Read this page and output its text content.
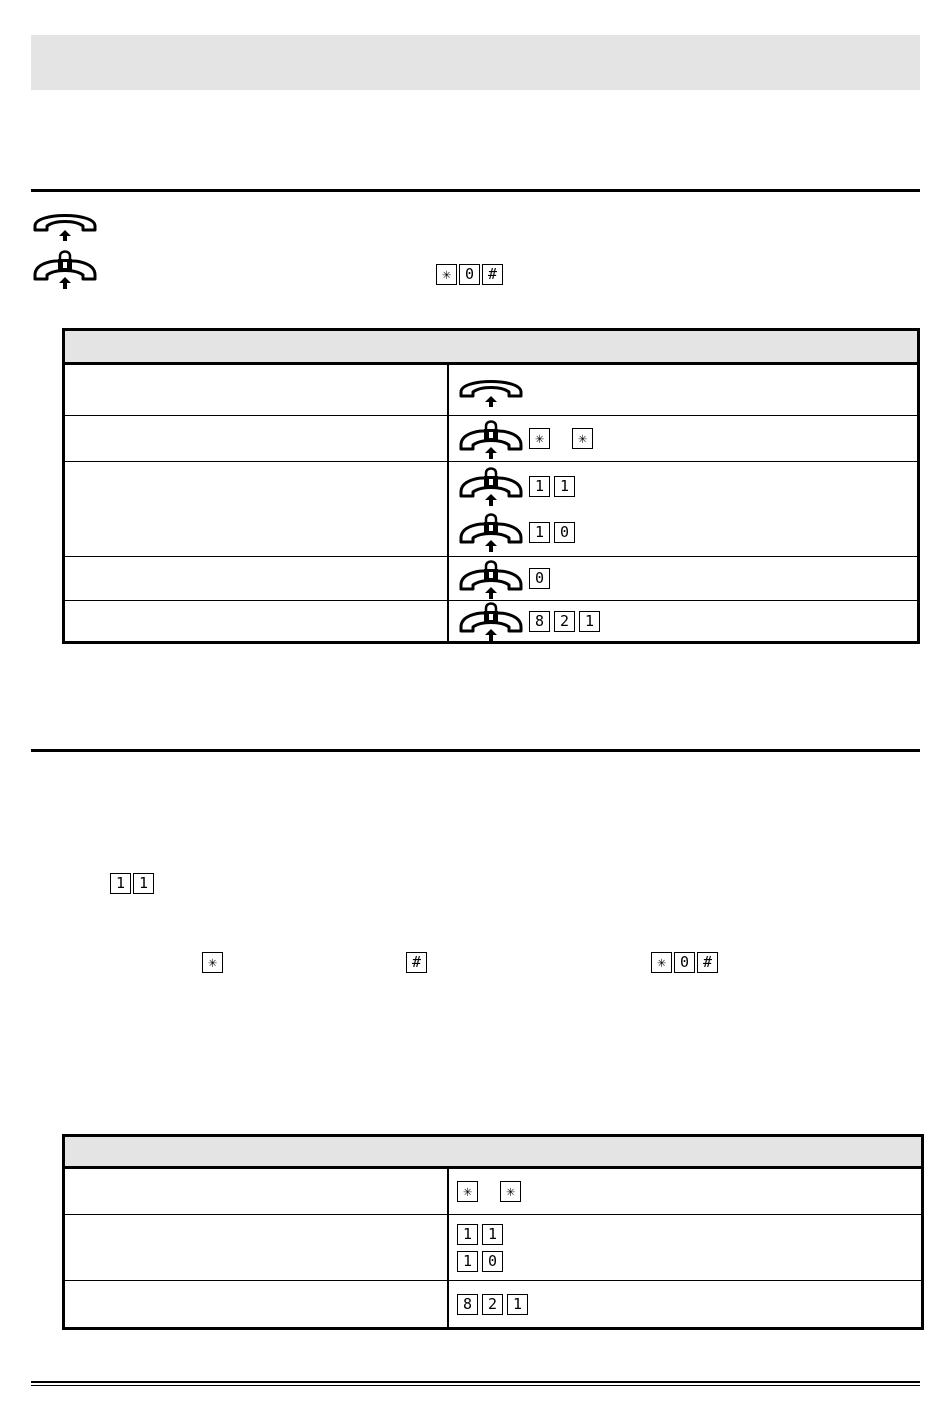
✳ 0 #

	✳ ✳

	1 1
1 0

	0

	8 2 1
1 1
✳	#	✳ 0 #

	✳ ✳

	1 1
1 0

	8 2 1
